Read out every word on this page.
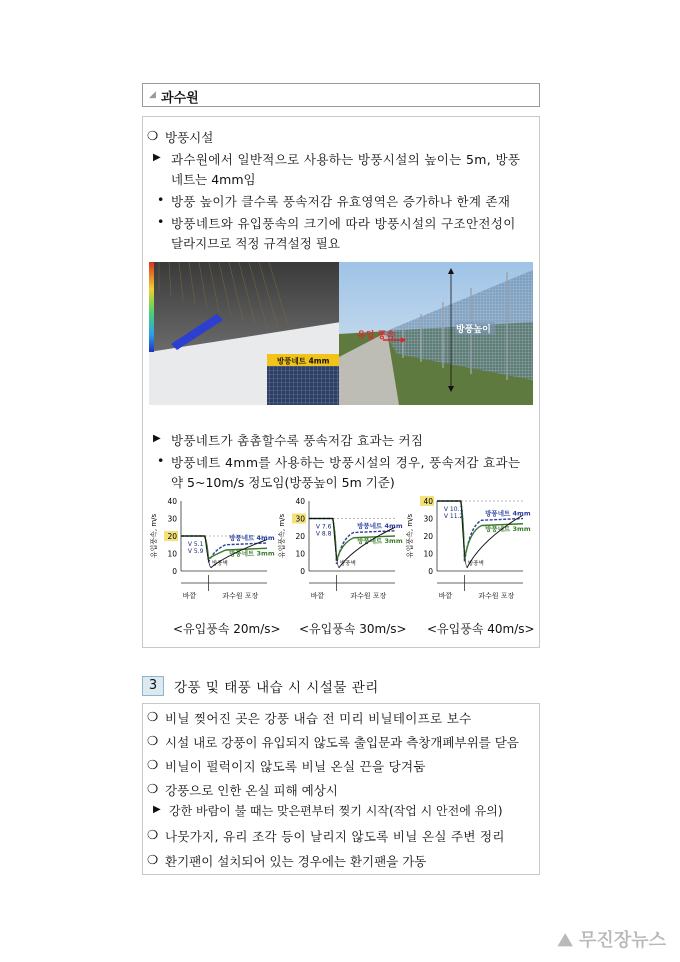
◢ 과수원
❍ 방풍시설
▶ 과수원에서 일반적으로 사용하는 방풍시설의 높이는 5m, 방풍
네트는 4mm임
• 방풍 높이가 클수록 풍속저감 유효영역은 증가하나 한계 존재
• 방풍네트와 유입풍속의 크기에 따라 방풍시설의 구조안전성이
달라지므로 적정 규격설정 필요
방풍네트 4mm
방풍높이
유입 풍속
▶ 방풍네트가 촘촘할수록 풍속저감 효과는 커짐
• 방풍네트 4mm를 사용하는 방풍시설의 경우, 풍속저감 효과는
약 5~10m/s 정도임(방풍높이 5m 기준)
유입풍속, m/s
0
10
20
30
40
방풍네트 4mm
방풍네트 3mm
V 5.1
V 5.9
방풍벽
바깥	과수원 포장
유입풍속, m/s
0
10
20
30
40
방풍네트 4mm
방풍네트 3mm
V 7.6
V 8.8
방풍벽
바깥	과수원 포장
유입풍속, m/s
0
10
20
30
40
방풍네트 4mm
방풍네트 3mm
V 10.1
V 11.2
방풍벽
바깥	과수원 포장
<유입풍속 20m/s> <유입풍속 30m/s> <유입풍속 40m/s>
3	강풍 및 태풍 내습 시 시설물 관리
❍ 비닐 찢어진 곳은 강풍 내습 전 미리 비닐테이프로 보수
❍ 시설 내로 강풍이 유입되지 않도록 출입문과 측창개폐부위를 닫음
❍ 비닐이 펄럭이지 않도록 비닐 온실 끈을 당겨둠
❍ 강풍으로 인한 온실 피해 예상시
▶ 강한 바람이 불 때는 맞은편부터 찢기 시작(작업 시 안전에 유의)
❍ 나뭇가지, 유리 조각 등이 날리지 않도록 비닐 온실 주변 정리
❍ 환기팬이 설치되어 있는 경우에는 환기팬을 가동
⛰ 무진장뉴스
